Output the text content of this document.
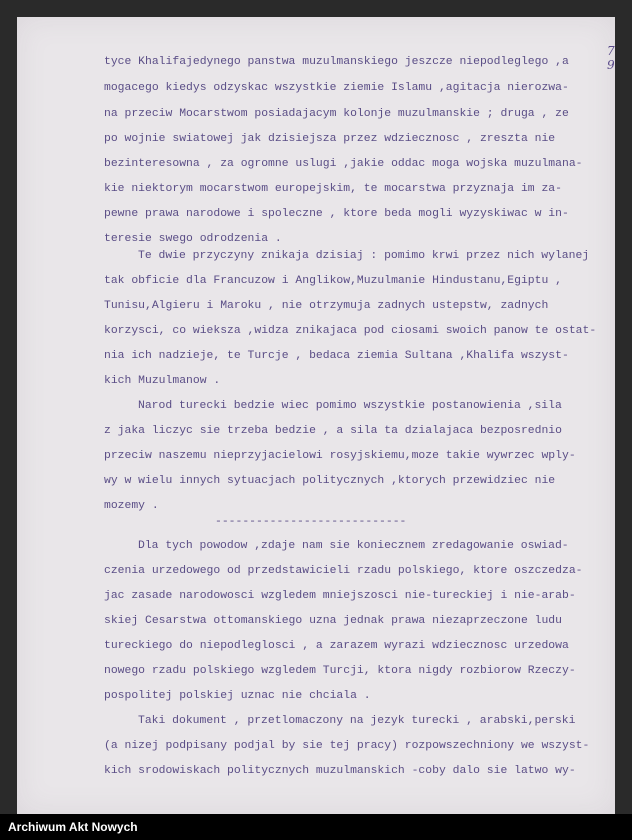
7 9
tyce Khalifajedynego panstwa muzulmanskiego jeszcze niepodleglego ,a
mogacego kiedys odzyskac wszystkie ziemie Islamu ,agitacja nierozwa-
na przeciw Mocarstwom posiadajacym kolonje muzulmanskie ; druga , ze
po wojnie swiatowej jak dzisiejsza przez wdziecznosc , zreszta nie
bezinteresowna , za ogromne uslugi ,jakie oddac moga wojska muzulmana-
kie niektorym mocarstwom europejskim, te mocarstwa przyznaja im za-
pewne prawa narodowe i spoleczne , ktore beda mogli wyzyskiwac w in-
teresie swego odrodzenia .
Te dwie przyczyny znikaja dzisiaj : pomimo krwi przez nich wylanej
tak obficie dla Francuzow i Anglikow,Muzulmanie Hindustanu,Egiptu ,
Tunisu,Algieru i Maroku , nie otrzymuja zadnych ustepstw, zadnych
korzysci, co wieksza ,widza znikajaca pod ciosami swoich panow te ostat-
nia ich nadzieje, te Turcje , bedaca ziemia Sultana ,Khalifa wszyst-
kich Muzulmanow .
Narod turecki bedzie wiec pomimo wszystkie postanowienia ,sila
z jaka liczyc sie trzeba bedzie , a sila ta dzialajaca bezposrednio
przeciw naszemu nieprzyjacielowi rosyjskiemu,moze takie wywrzec wply-
wy w wielu innych sytuacjach politycznych ,ktorych przewidziec nie
mozemy .
----------------------------
Dla tych powodow ,zdaje nam sie koniecznem zredagowanie oswiad-
czenia urzedowego od przedstawicieli rzadu polskiego, ktore oszczedza-
jac zasade narodowosci wzgledem mniejszosci nie-tureckiej i nie-arab-
skiej Cesarstwa ottomanskiego uzna jednak prawa niezaprzeczone ludu
tureckiego do niepodleglosci , a zarazem wyrazi wdziecznosc urzedowa
nowego rzadu polskiego wzgledem Turcji, ktora nigdy rozbiorow Rzeczy-
pospolitej polskiej uznac nie chciala .
Taki dokument , przetlomaczony na jezyk turecki , arabski,perski
(a nizej podpisany podjal by sie tej pracy) rozpowszechniony we wszyst-
kich srodowiskach politycznych muzulmanskich -coby dalo sie latwo wy-
Archiwum Akt Nowych
